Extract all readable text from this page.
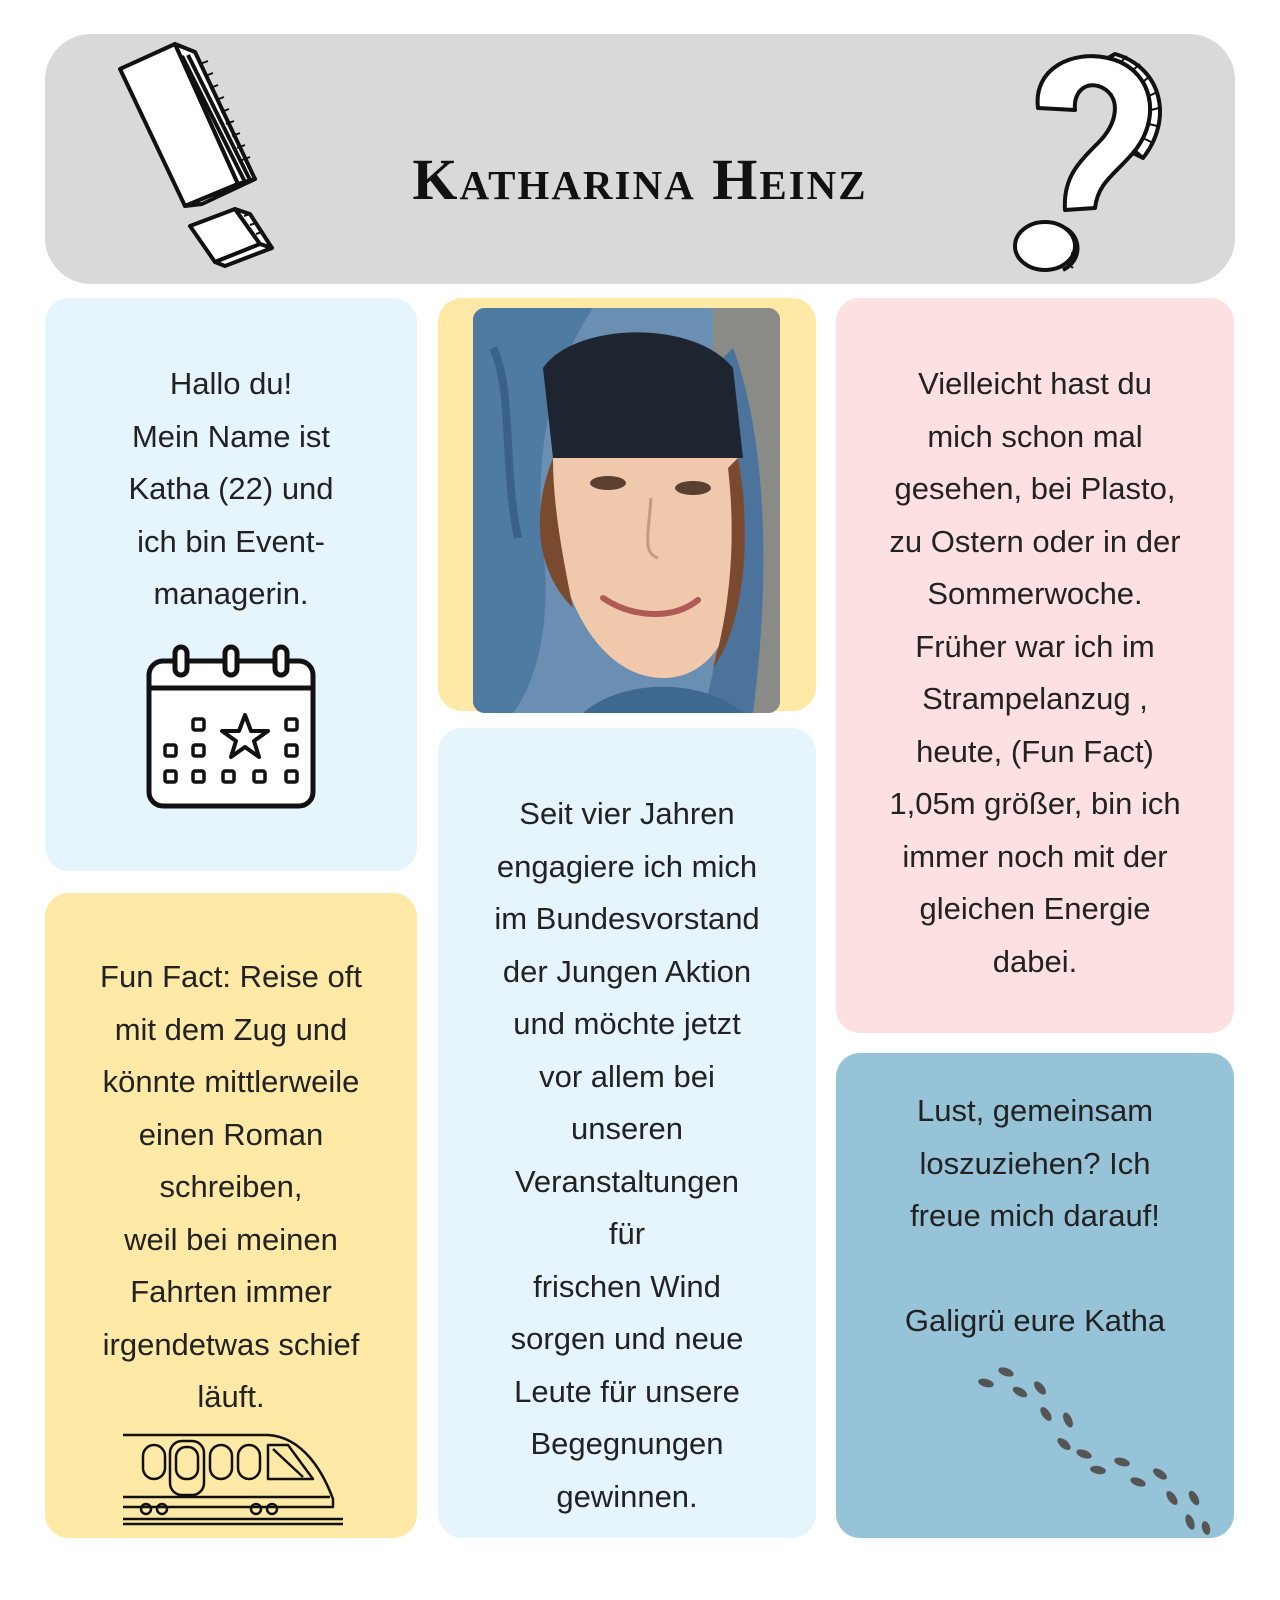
Katharina Heinz
Hallo du!
Mein Name ist
Katha (22) und
ich bin Event-
managerin.
Fun Fact: Reise oft
mit dem Zug und
könnte mittlerweile
einen Roman
schreiben,
weil bei meinen
Fahrten immer
irgendetwas schief
läuft.
Seit vier Jahren
engagiere ich mich
im Bundesvorstand
der Jungen Aktion
und möchte jetzt
vor allem bei
unseren
Veranstaltungen
für
frischen Wind
sorgen und neue
Leute für unsere
Begegnungen
gewinnen.
Vielleicht hast du
mich schon mal
gesehen, bei Plasto,
zu Ostern oder in der
Sommerwoche.
Früher war ich im
Strampelanzug ,
heute, (Fun Fact)
1,05m größer, bin ich
immer noch mit der
gleichen Energie
dabei.
Lust, gemeinsam
loszuziehen? Ich
freue mich darauf!

Galigrü eure Katha
